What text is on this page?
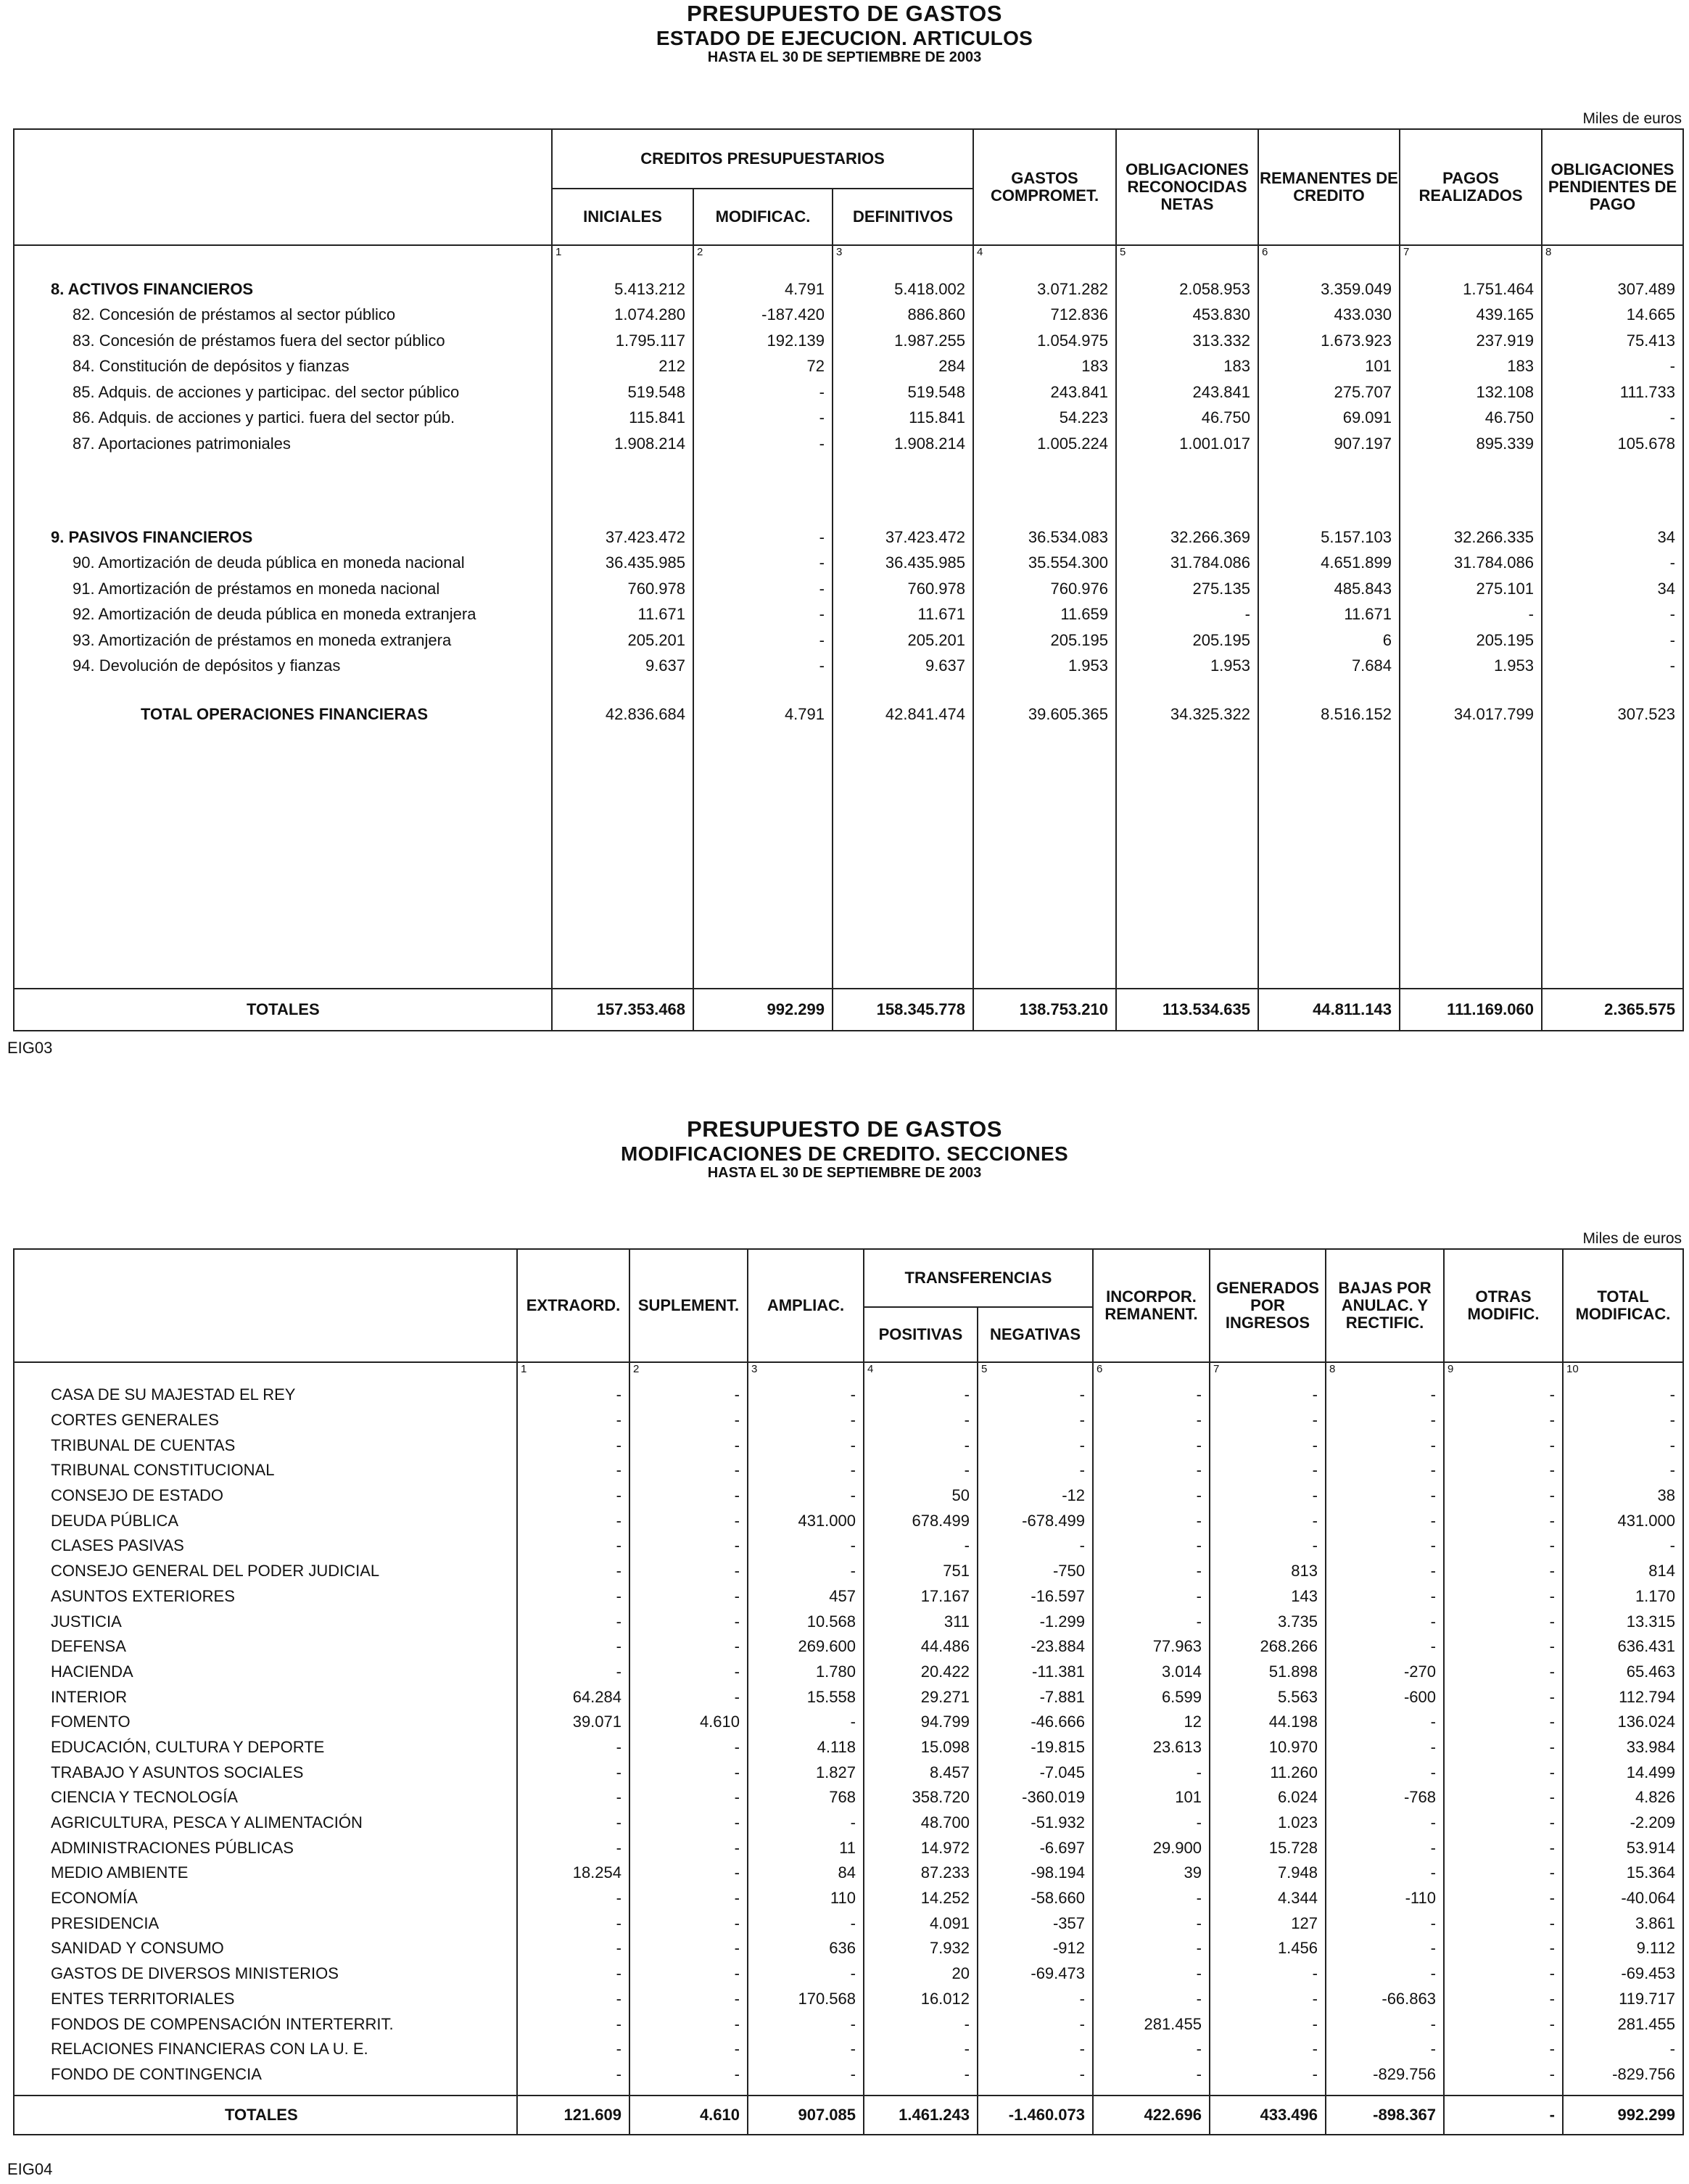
PRESUPUESTO DE GASTOS
ESTADO DE EJECUCION. ARTICULOS
HASTA EL 30 DE SEPTIEMBRE DE 2003
Miles de euros
	CREDITOS PRESUPUESTARIOS			GASTOS COMPROMET.	OBLIGACIONES RECONOCIDAS NETAS	REMANENTES DE CREDITO	PAGOS REALIZADOS	OBLIGACIONES PENDIENTES DE PAGO
	INICIALES	MODIFICAC.	DEFINITIVOS					
	1	2	3	4	5	6	7	8

8. ACTIVOS FINANCIEROS	5.413.212	4.791	5.418.002	3.071.282	2.058.953	3.359.049	1.751.464	307.489
82. Concesión de préstamos al sector público	1.074.280	-187.420	886.860	712.836	453.830	433.030	439.165	14.665
83. Concesión de préstamos fuera del sector público	1.795.117	192.139	1.987.255	1.054.975	313.332	1.673.923	237.919	75.413
84. Constitución de depósitos y fianzas	212	72	284	183	183	101	183	-
85. Adquis. de acciones y participac. del sector público	519.548	-	519.548	243.841	243.841	275.707	132.108	111.733
86. Adquis. de acciones y partici. fuera del sector púb.	115.841	-	115.841	54.223	46.750	69.091	46.750	-
87. Aportaciones patrimoniales	1.908.214	-	1.908.214	1.005.224	1.001.017	907.197	895.339	105.678

9. PASIVOS FINANCIEROS	37.423.472	-	37.423.472	36.534.083	32.266.369	5.157.103	32.266.335	34
90. Amortización de deuda pública en moneda nacional	36.435.985	-	36.435.985	35.554.300	31.784.086	4.651.899	31.784.086	-
91. Amortización de préstamos en moneda nacional	760.978	-	760.978	760.976	275.135	485.843	275.101	34
92. Amortización de deuda pública en moneda extranjera	11.671	-	11.671	11.659	-	11.671	-	-
93. Amortización de préstamos en moneda extranjera	205.201	-	205.201	205.195	205.195	6	205.195	-
94. Devolución de depósitos y fianzas	9.637	-	9.637	1.953	1.953	7.684	1.953	-

TOTAL OPERACIONES FINANCIERAS	42.836.684	4.791	42.841.474	39.605.365	34.325.322	8.516.152	34.017.799	307.523

TOTALES	157.353.468	992.299	158.345.778	138.753.210	113.534.635	44.811.143	111.169.060	2.365.575
EIG03
PRESUPUESTO DE GASTOS
MODIFICACIONES DE CREDITO. SECCIONES
HASTA EL 30 DE SEPTIEMBRE DE 2003
Miles de euros
	EXTRAORD.	SUPLEMENT.	AMPLIAC.	TRANSFERENCIAS		INCORPOR. REMANENT.	GENERADOS POR INGRESOS	BAJAS POR ANULAC. Y RECTIFIC.	OTRAS MODIFIC.	TOTAL MODIFICAC.
				POSITIVAS	NEGATIVAS					
	1	2	3	4	5	6	7	8	9	10

CASA DE SU MAJESTAD EL REY	-	-	-	-	-	-	-	-	-	-
CORTES GENERALES	-	-	-	-	-	-	-	-	-	-
TRIBUNAL DE CUENTAS	-	-	-	-	-	-	-	-	-	-
TRIBUNAL CONSTITUCIONAL	-	-	-	-	-	-	-	-	-	-
CONSEJO DE ESTADO	-	-	-	50	-12	-	-	-	-	38
DEUDA PÚBLICA	-	-	431.000	678.499	-678.499	-	-	-	-	431.000
CLASES PASIVAS	-	-	-	-	-	-	-	-	-	-
CONSEJO GENERAL DEL PODER JUDICIAL	-	-	-	751	-750	-	813	-	-	814
ASUNTOS EXTERIORES	-	-	457	17.167	-16.597	-	143	-	-	1.170
JUSTICIA	-	-	10.568	311	-1.299	-	3.735	-	-	13.315
DEFENSA	-	-	269.600	44.486	-23.884	77.963	268.266	-	-	636.431
HACIENDA	-	-	1.780	20.422	-11.381	3.014	51.898	-270	-	65.463
INTERIOR	64.284	-	15.558	29.271	-7.881	6.599	5.563	-600	-	112.794
FOMENTO	39.071	4.610	-	94.799	-46.666	12	44.198	-	-	136.024
EDUCACIÓN, CULTURA Y DEPORTE	-	-	4.118	15.098	-19.815	23.613	10.970	-	-	33.984
TRABAJO Y ASUNTOS SOCIALES	-	-	1.827	8.457	-7.045	-	11.260	-	-	14.499
CIENCIA Y TECNOLOGÍA	-	-	768	358.720	-360.019	101	6.024	-768	-	4.826
AGRICULTURA, PESCA Y ALIMENTACIÓN	-	-	-	48.700	-51.932	-	1.023	-	-	-2.209
ADMINISTRACIONES PÚBLICAS	-	-	11	14.972	-6.697	29.900	15.728	-	-	53.914
MEDIO AMBIENTE	18.254	-	84	87.233	-98.194	39	7.948	-	-	15.364
ECONOMÍA	-	-	110	14.252	-58.660	-	4.344	-110	-	-40.064
PRESIDENCIA	-	-	-	4.091	-357	-	127	-	-	3.861
SANIDAD Y CONSUMO	-	-	636	7.932	-912	-	1.456	-	-	9.112
GASTOS DE DIVERSOS MINISTERIOS	-	-	-	20	-69.473	-	-	-	-	-69.453
ENTES TERRITORIALES	-	-	170.568	16.012	-	-	-	-66.863	-	119.717
FONDOS DE COMPENSACIÓN INTERTERRIT.	-	-	-	-	-	281.455	-	-	-	281.455
RELACIONES FINANCIERAS CON LA U. E.	-	-	-	-	-	-	-	-	-	-
FONDO DE CONTINGENCIA	-	-	-	-	-	-	-	-829.756	-	-829.756

TOTALES	121.609	4.610	907.085	1.461.243	-1.460.073	422.696	433.496	-898.367	-	992.299
EIG04
